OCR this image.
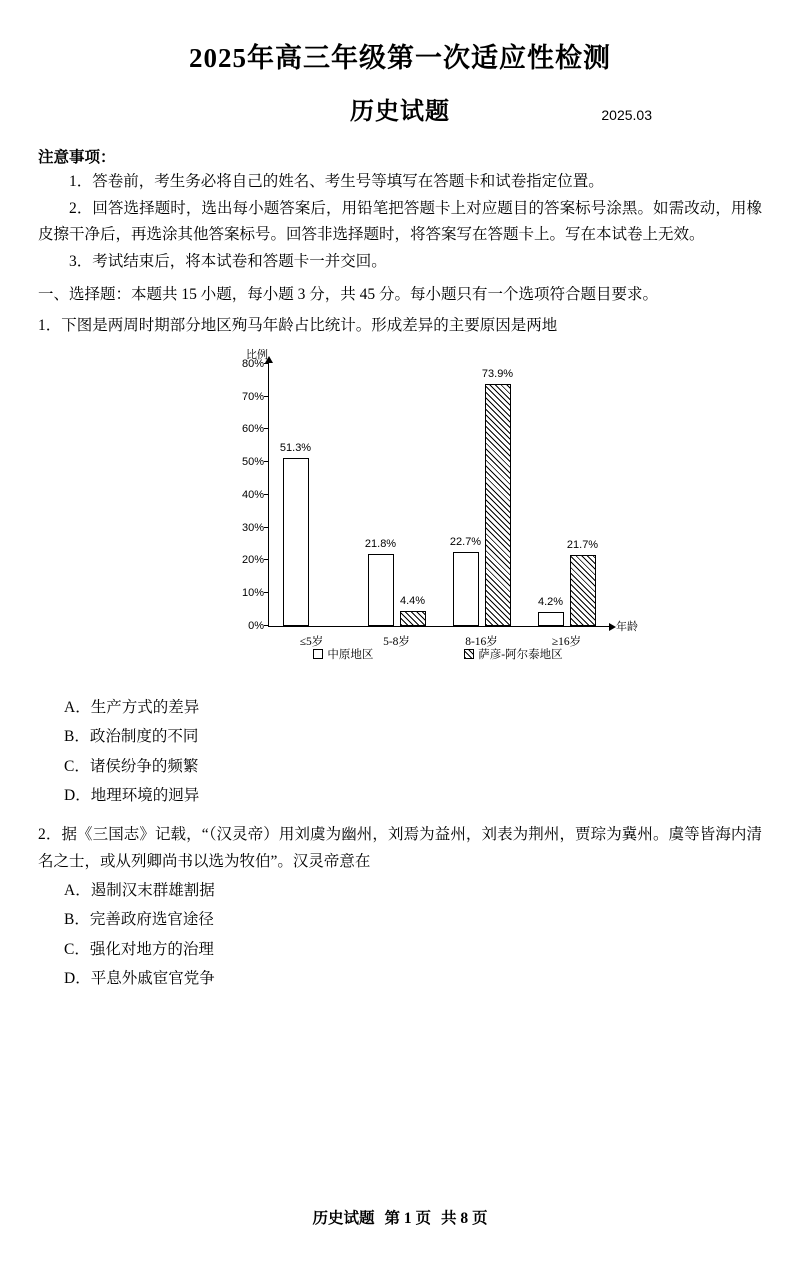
2025年高三年级第一次适应性检测
历史试题	2025.03
注意事项：

1．答卷前，考生务必将自己的姓名、考生号等填写在答题卡和试卷指定位置。

2．回答选择题时，选出每小题答案后，用铅笔把答题卡上对应题目的答案标号涂黑。如需改动，用橡皮擦干净后，再选涂其他答案标号。回答非选择题时，将答案写在答题卡上。写在本试卷上无效。

3．考试结束后，将本试卷和答题卡一并交回。

一、选择题：本题共 15 小题，每小题 3 分，共 45 分。每小题只有一个选项符合题目要求。
1．下图是两周时期部分地区殉马年龄占比统计。形成差异的主要原因是两地
比例
0%
10%
20%
30%
40%
50%
60%
70%
80%
≤5岁
51.3%
5-8岁
21.8%
4.4%
8-16岁
22.7%
73.9%
≥16岁
4.2%
21.7%
年龄
中原地区	萨彦-阿尔泰地区
A．生产方式的差异
B．政治制度的不同
C．诸侯纷争的频繁
D．地理环境的迥异
2．据《三国志》记载，“（汉灵帝）用刘虞为幽州，刘焉为益州，刘表为荆州，贾琮为冀州。虞等皆海内清名之士，或从列卿尚书以选为牧伯”。汉灵帝意在
A．遏制汉末群雄割据
B．完善政府选官途径
C．强化对地方的治理
D．平息外戚宦官党争
历史试题 第 1 页 共 8 页
